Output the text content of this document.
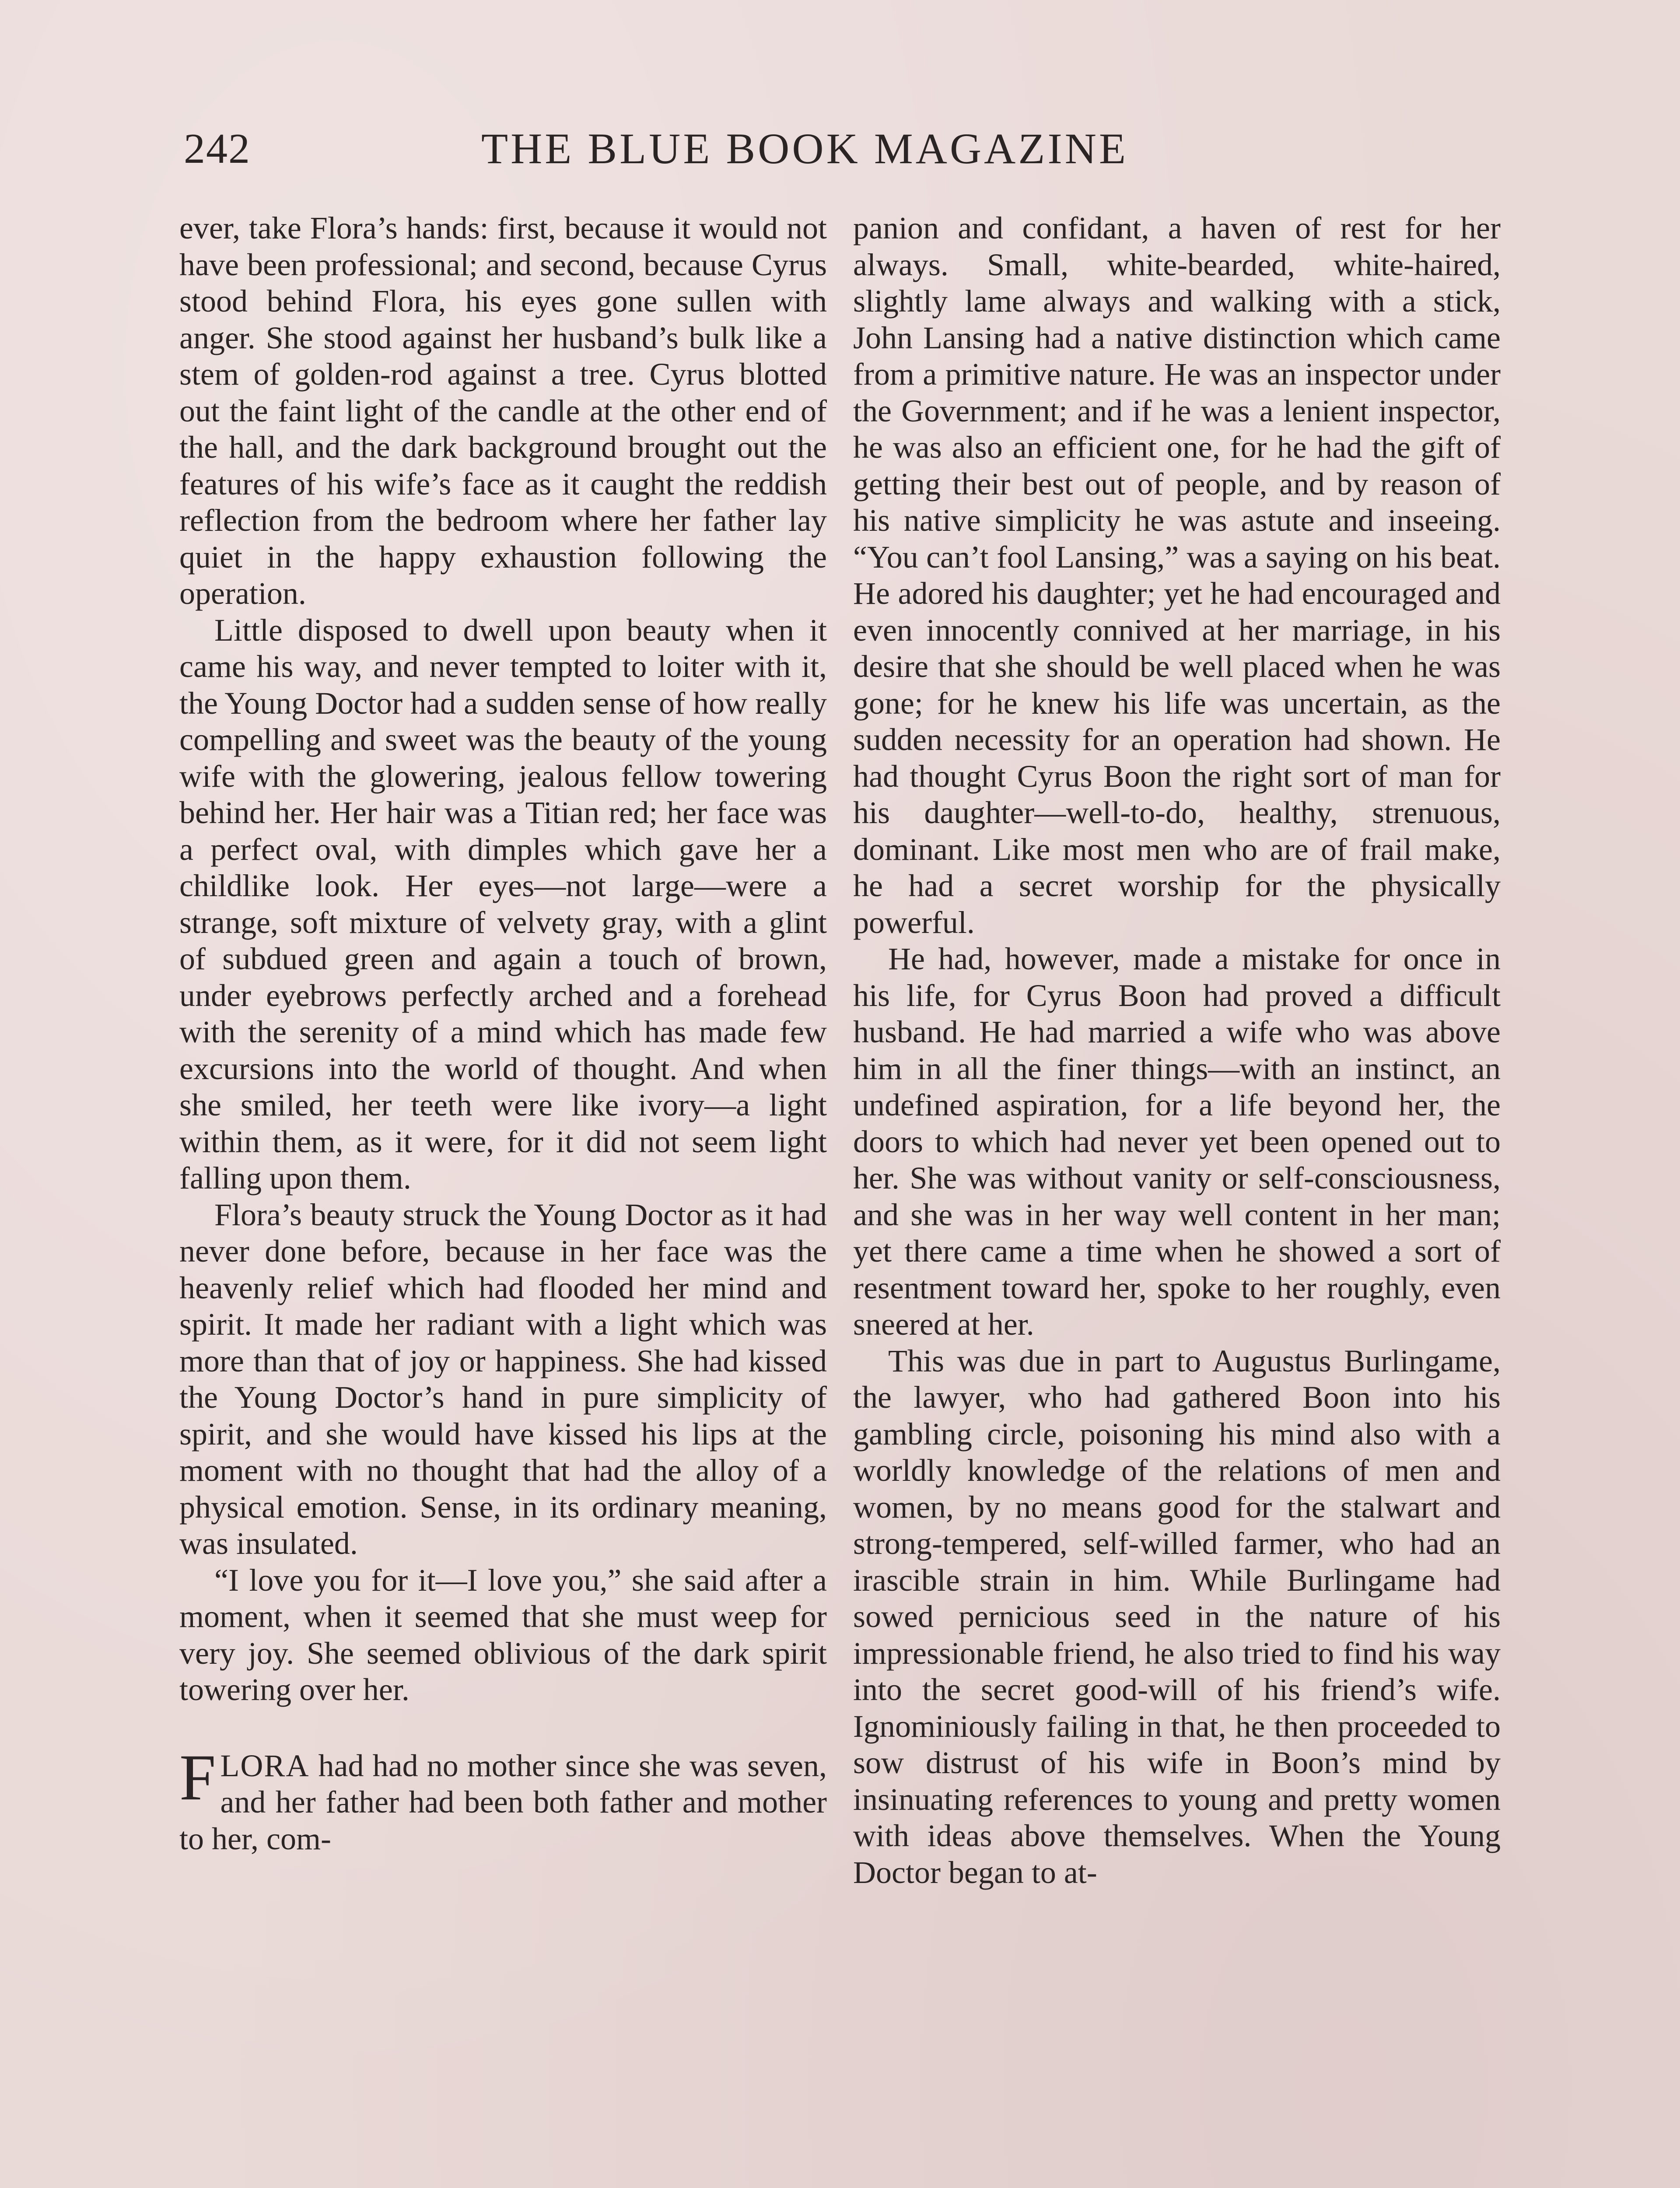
242	THE BLUE BOOK MAGAZINE

ever, take Flora’s hands: first, because it would not have been professional; and second, because Cyrus stood behind Flora, his eyes gone sullen with anger. She stood against her husband’s bulk like a stem of golden-rod against a tree. Cyrus blotted out the faint light of the candle at the other end of the hall, and the dark background brought out the features of his wife’s face as it caught the reddish reflection from the bedroom where her father lay quiet in the happy exhaustion following the operation.

Little disposed to dwell upon beauty when it came his way, and never tempted to loiter with it, the Young Doctor had a sudden sense of how really compelling and sweet was the beauty of the young wife with the glowering, jealous fellow towering behind her. Her hair was a Titian red; her face was a perfect oval, with dimples which gave her a childlike look. Her eyes—not large—were a strange, soft mixture of velvety gray, with a glint of subdued green and again a touch of brown, under eyebrows perfectly arched and a forehead with the serenity of a mind which has made few excursions into the world of thought. And when she smiled, her teeth were like ivory—a light within them, as it were, for it did not seem light falling upon them.

Flora’s beauty struck the Young Doctor as it had never done before, because in her face was the heavenly relief which had flooded her mind and spirit. It made her radiant with a light which was more than that of joy or happiness. She had kissed the Young Doctor’s hand in pure simplicity of spirit, and she would have kissed his lips at the moment with no thought that had the alloy of a physical emotion. Sense, in its ordinary meaning, was insulated.

“I love you for it—I love you,” she said after a moment, when it seemed that she must weep for very joy. She seemed oblivious of the dark spirit towering over her.

FLORA had had no mother since she was seven, and her father had been both father and mother to her, com-

panion and confidant, a haven of rest for her always. Small, white-bearded, white-haired, slightly lame always and walking with a stick, John Lansing had a native distinction which came from a primitive nature. He was an inspector under the Government; and if he was a lenient inspector, he was also an efficient one, for he had the gift of getting their best out of people, and by reason of his native simplicity he was astute and inseeing. “You can’t fool Lansing,” was a saying on his beat. He adored his daughter; yet he had encouraged and even innocently connived at her marriage, in his desire that she should be well placed when he was gone; for he knew his life was uncertain, as the sudden necessity for an operation had shown. He had thought Cyrus Boon the right sort of man for his daughter—well-to-do, healthy, strenuous, dominant. Like most men who are of frail make, he had a secret worship for the physically powerful.

He had, however, made a mistake for once in his life, for Cyrus Boon had proved a difficult husband. He had married a wife who was above him in all the finer things—with an instinct, an undefined aspiration, for a life beyond her, the doors to which had never yet been opened out to her. She was without vanity or self-consciousness, and she was in her way well content in her man; yet there came a time when he showed a sort of resentment toward her, spoke to her roughly, even sneered at her.

This was due in part to Augustus Burlingame, the lawyer, who had gathered Boon into his gambling circle, poisoning his mind also with a worldly knowledge of the relations of men and women, by no means good for the stalwart and strong-tempered, self-willed farmer, who had an irascible strain in him. While Burlingame had sowed pernicious seed in the nature of his impressionable friend, he also tried to find his way into the secret good-will of his friend’s wife. Ignominiously failing in that, he then proceeded to sow distrust of his wife in Boon’s mind by insinuating references to young and pretty women with ideas above themselves. When the Young Doctor began to at-
